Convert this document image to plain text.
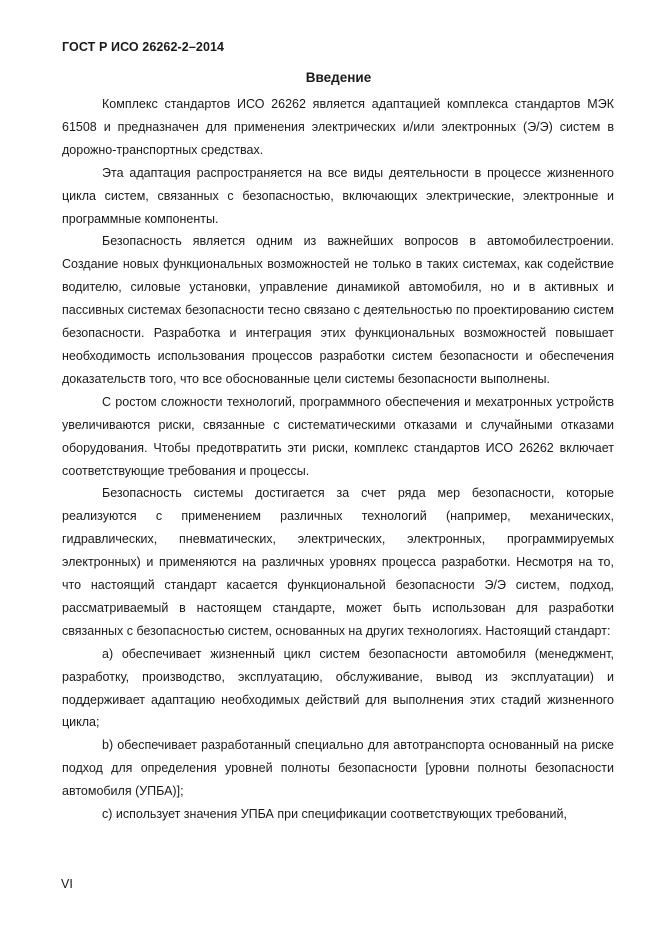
ГОСТ Р ИСО 26262-2–2014
Введение

Комплекс стандартов ИСО 26262 является адаптацией комплекса стандартов МЭК 61508 и предназначен для применения электрических и/или электронных (Э/Э) систем в дорожно-транспортных средствах.

Эта адаптация распространяется на все виды деятельности в процессе жизненного цикла систем, связанных с безопасностью, включающих электрические, электронные и программные компоненты.

Безопасность является одним из важнейших вопросов в автомобилестроении. Создание новых функциональных возможностей не только в таких системах, как содействие водителю, силовые установки, управление динамикой автомобиля, но и в активных и пассивных системах безопасности тесно связано с деятельностью по проектированию систем безопасности. Разработка и интеграция этих функциональных возможностей повышает необходимость использования процессов разработки систем безопасности и обеспечения доказательств того, что все обоснованные цели системы безопасности выполнены.

С ростом сложности технологий, программного обеспечения и мехатронных устройств увеличиваются риски, связанные с систематическими отказами и случайными отказами оборудования. Чтобы предотвратить эти риски, комплекс стандартов ИСО 26262 включает соответствующие требования и процессы.

Безопасность системы достигается за счет ряда мер безопасности, которые реализуются с применением различных технологий (например, механических, гидравлических, пневматических, электрических, электронных, программируемых электронных) и применяются на различных уровнях процесса разработки. Несмотря на то, что настоящий стандарт касается функциональной безопасности Э/Э систем, подход, рассматриваемый в настоящем стандарте, может быть использован для разработки связанных с безопасностью систем, основанных на других технологиях. Настоящий стандарт:

a) обеспечивает жизненный цикл систем безопасности автомобиля (менеджмент, разработку, производство, эксплуатацию, обслуживание, вывод из эксплуатации) и поддерживает адаптацию необходимых действий для выполнения этих стадий жизненного цикла;

b) обеспечивает разработанный специально для автотранспорта основанный на риске подход для определения уровней полноты безопасности [уровни полноты безопасности автомобиля (УПБА)];

c) использует значения УПБА при спецификации соответствующих требований,

VI
